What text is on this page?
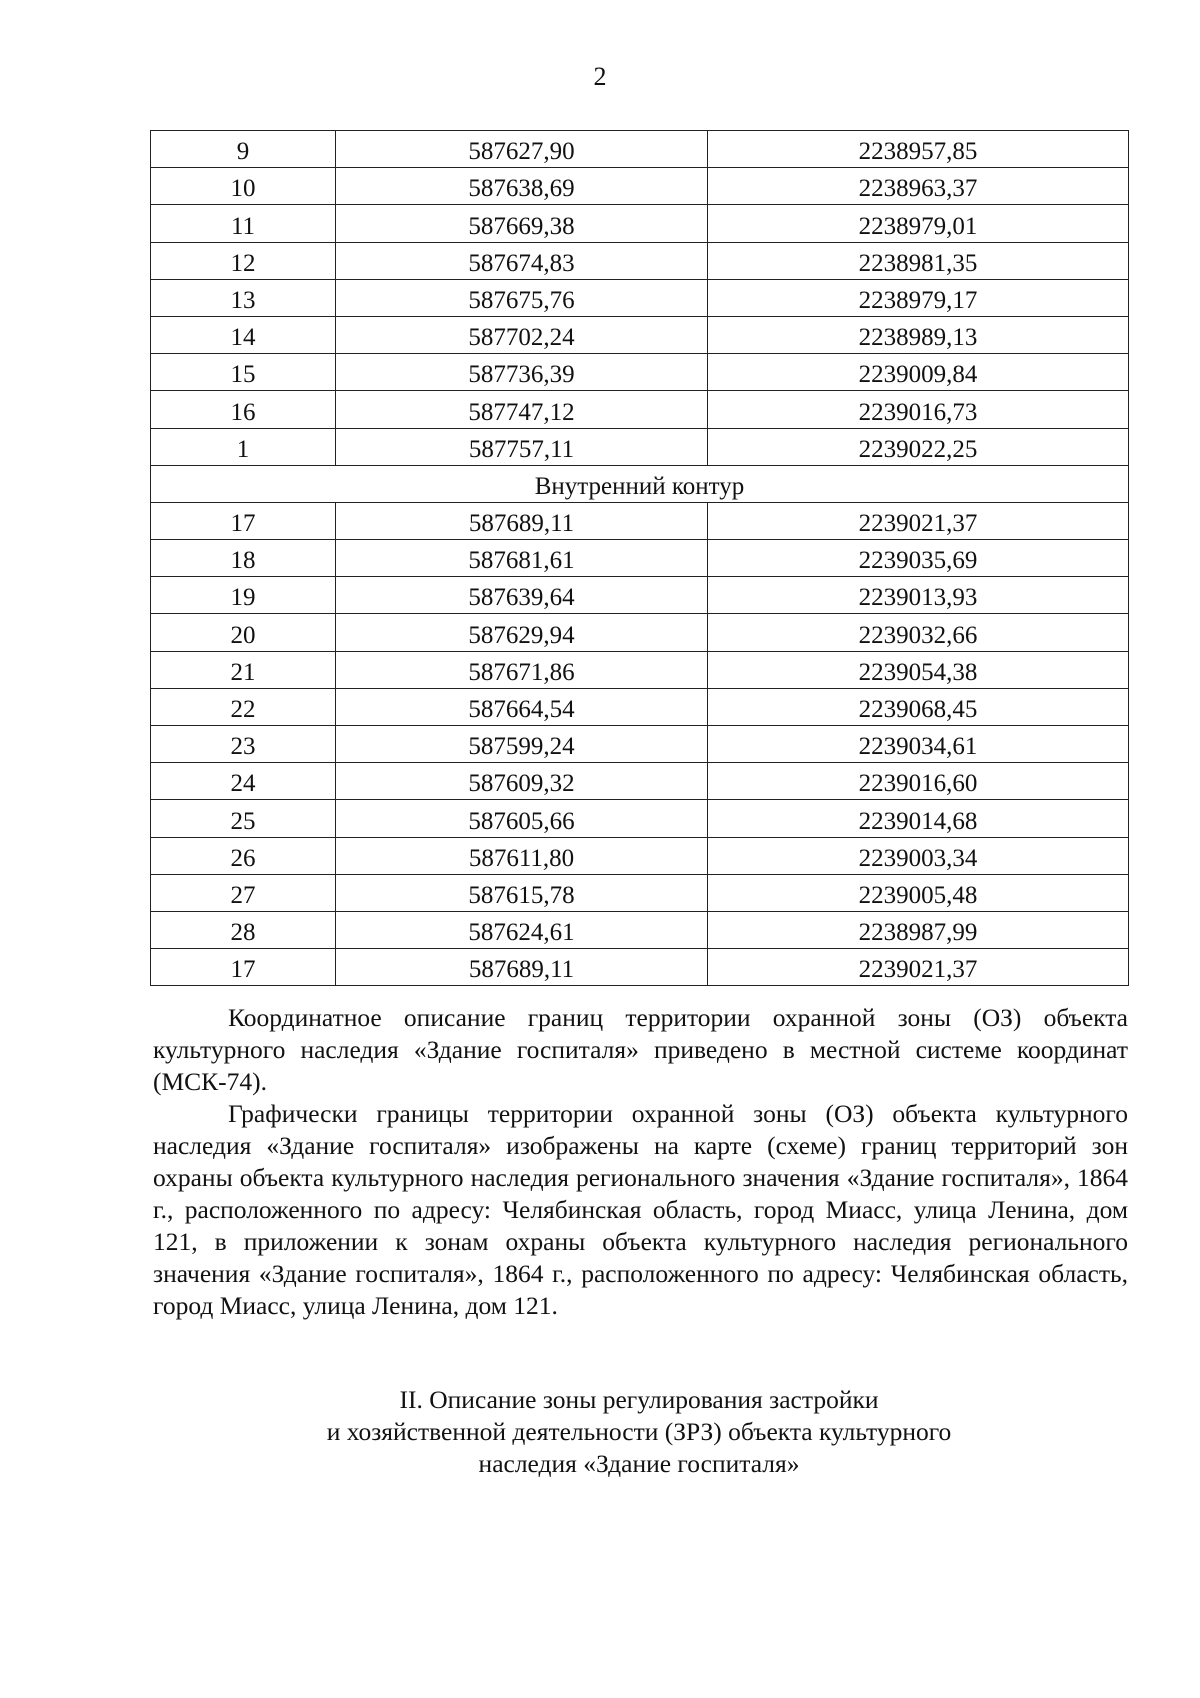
2
9	587627,90	2238957,85
10	587638,69	2238963,37
11	587669,38	2238979,01
12	587674,83	2238981,35
13	587675,76	2238979,17
14	587702,24	2238989,13
15	587736,39	2239009,84
16	587747,12	2239016,73
1	587757,11	2239022,25
Внутренний контур		
17	587689,11	2239021,37
18	587681,61	2239035,69
19	587639,64	2239013,93
20	587629,94	2239032,66
21	587671,86	2239054,38
22	587664,54	2239068,45
23	587599,24	2239034,61
24	587609,32	2239016,60
25	587605,66	2239014,68
26	587611,80	2239003,34
27	587615,78	2239005,48
28	587624,61	2238987,99
17	587689,11	2239021,37

Координатное описание границ территории охранной зоны (ОЗ) объекта культурного наследия «Здание госпиталя» приведено в местной системе координат (МСК-74).

Графически границы территории охранной зоны (ОЗ) объекта культурного наследия «Здание госпиталя» изображены на карте (схеме) границ территорий зон охраны объекта культурного наследия регионального значения «Здание госпиталя», 1864 г., расположенного по адресу: Челябинская область, город Миасс, улица Ленина, дом 121, в приложении к зонам охраны объекта культурного наследия регионального значения «Здание госпиталя», 1864 г., расположенного по адресу: Челябинская область, город Миасс, улица Ленина, дом 121.

II. Описание зоны регулирования застройки
и хозяйственной деятельности (ЗРЗ) объекта культурного
наследия «Здание госпиталя»
